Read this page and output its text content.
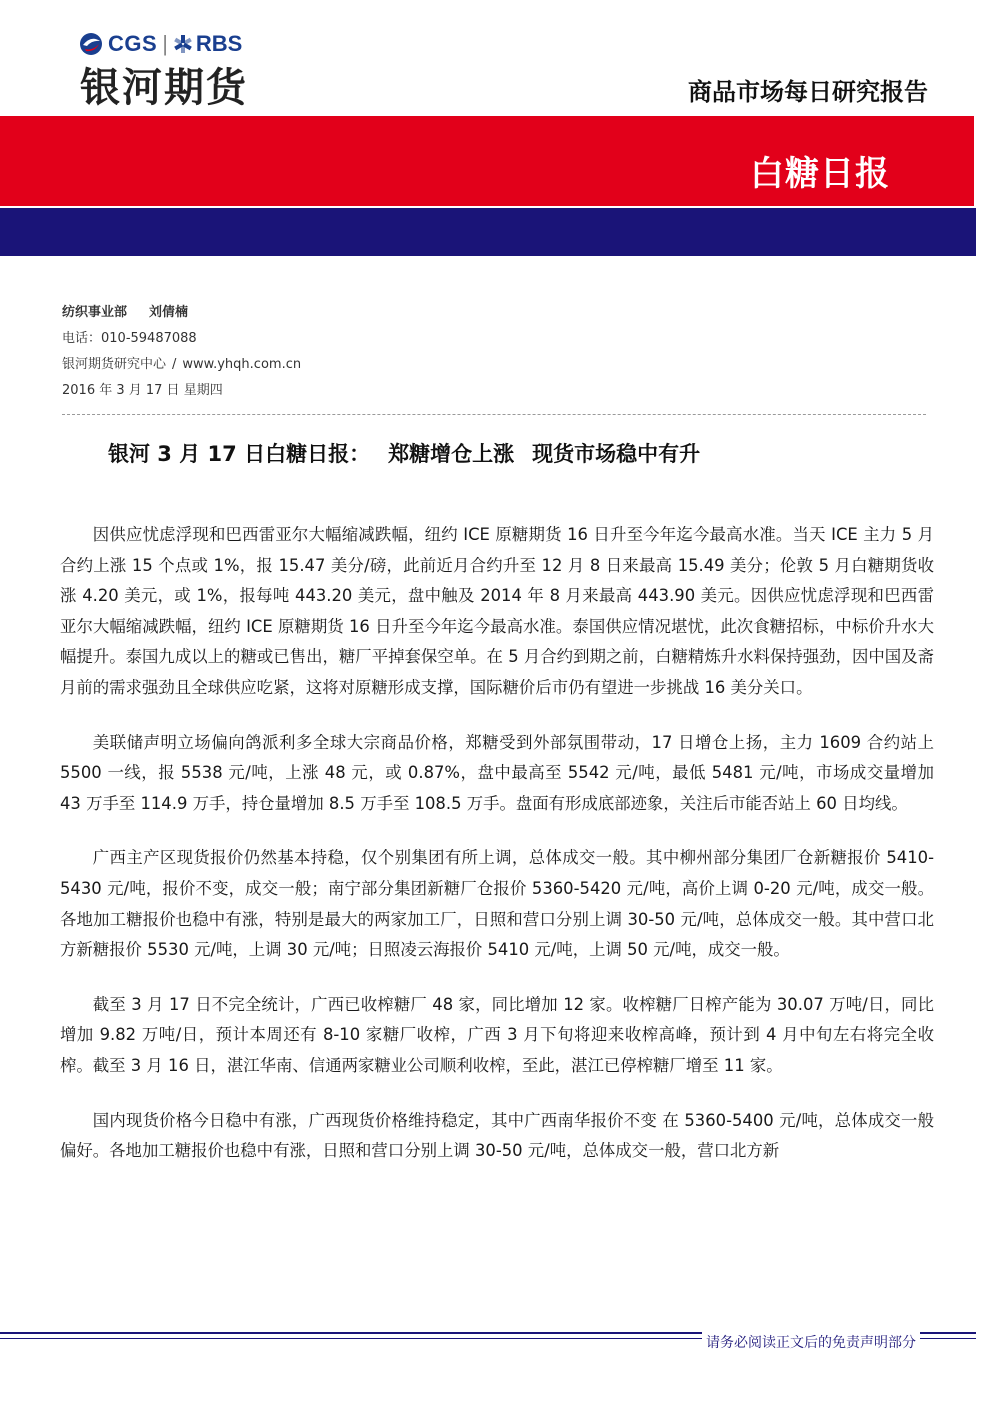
CGS | RBS
银河期货	商品市场每日研究报告
白糖日报
纺织事业部 刘倩楠
电话：010-59487088
银河期货研究中心 / www.yhqh.com.cn
2016 年 3 月 17 日 星期四
银河 3 月 17 日白糖日报： 郑糖增仓上涨 现货市场稳中有升

因供应忧虑浮现和巴西雷亚尔大幅缩减跌幅，纽约 ICE 原糖期货 16 日升至今年迄今最高水准。当天 ICE 主力 5 月合约上涨 15 个点或 1%，报 15.47 美分/磅，此前近月合约升至 12 月 8 日来最高 15.49 美分；伦敦 5 月白糖期货收涨 4.20 美元，或 1%，报每吨 443.20 美元，盘中触及 2014 年 8 月来最高 443.90 美元。因供应忧虑浮现和巴西雷亚尔大幅缩减跌幅，纽约 ICE 原糖期货 16 日升至今年迄今最高水准。泰国供应情况堪忧，此次食糖招标，中标价升水大幅提升。泰国九成以上的糖或已售出，糖厂平掉套保空单。在 5 月合约到期之前，白糖精炼升水料保持强劲，因中国及斋月前的需求强劲且全球供应吃紧，这将对原糖形成支撑，国际糖价后市仍有望进一步挑战 16 美分关口。

美联储声明立场偏向鸽派利多全球大宗商品价格，郑糖受到外部氛围带动，17 日增仓上扬，主力 1609 合约站上 5500 一线，报 5538 元/吨，上涨 48 元，或 0.87%，盘中最高至 5542 元/吨，最低 5481 元/吨，市场成交量增加 43 万手至 114.9 万手，持仓量增加 8.5 万手至 108.5 万手。盘面有形成底部迹象，关注后市能否站上 60 日均线。

广西主产区现货报价仍然基本持稳，仅个别集团有所上调，总体成交一般。其中柳州部分集团厂仓新糖报价 5410-5430 元/吨，报价不变，成交一般；南宁部分集团新糖厂仓报价 5360-5420 元/吨，高价上调 0-20 元/吨，成交一般。各地加工糖报价也稳中有涨，特别是最大的两家加工厂，日照和营口分别上调 30-50 元/吨，总体成交一般。其中营口北方新糖报价 5530 元/吨，上调 30 元/吨；日照凌云海报价 5410 元/吨，上调 50 元/吨，成交一般。

截至 3 月 17 日不完全统计，广西已收榨糖厂 48 家，同比增加 12 家。收榨糖厂日榨产能为 30.07 万吨/日，同比增加 9.82 万吨/日，预计本周还有 8-10 家糖厂收榨，广西 3 月下旬将迎来收榨高峰，预计到 4 月中旬左右将完全收榨。截至 3 月 16 日，湛江华南、信通两家糖业公司顺利收榨，至此，湛江已停榨糖厂增至 11 家。

国内现货价格今日稳中有涨，广西现货价格维持稳定，其中广西南华报价不变 在 5360-5400 元/吨，总体成交一般偏好。各地加工糖报价也稳中有涨，日照和营口分别上调 30-50 元/吨，总体成交一般，营口北方新

请务必阅读正文后的免责声明部分
